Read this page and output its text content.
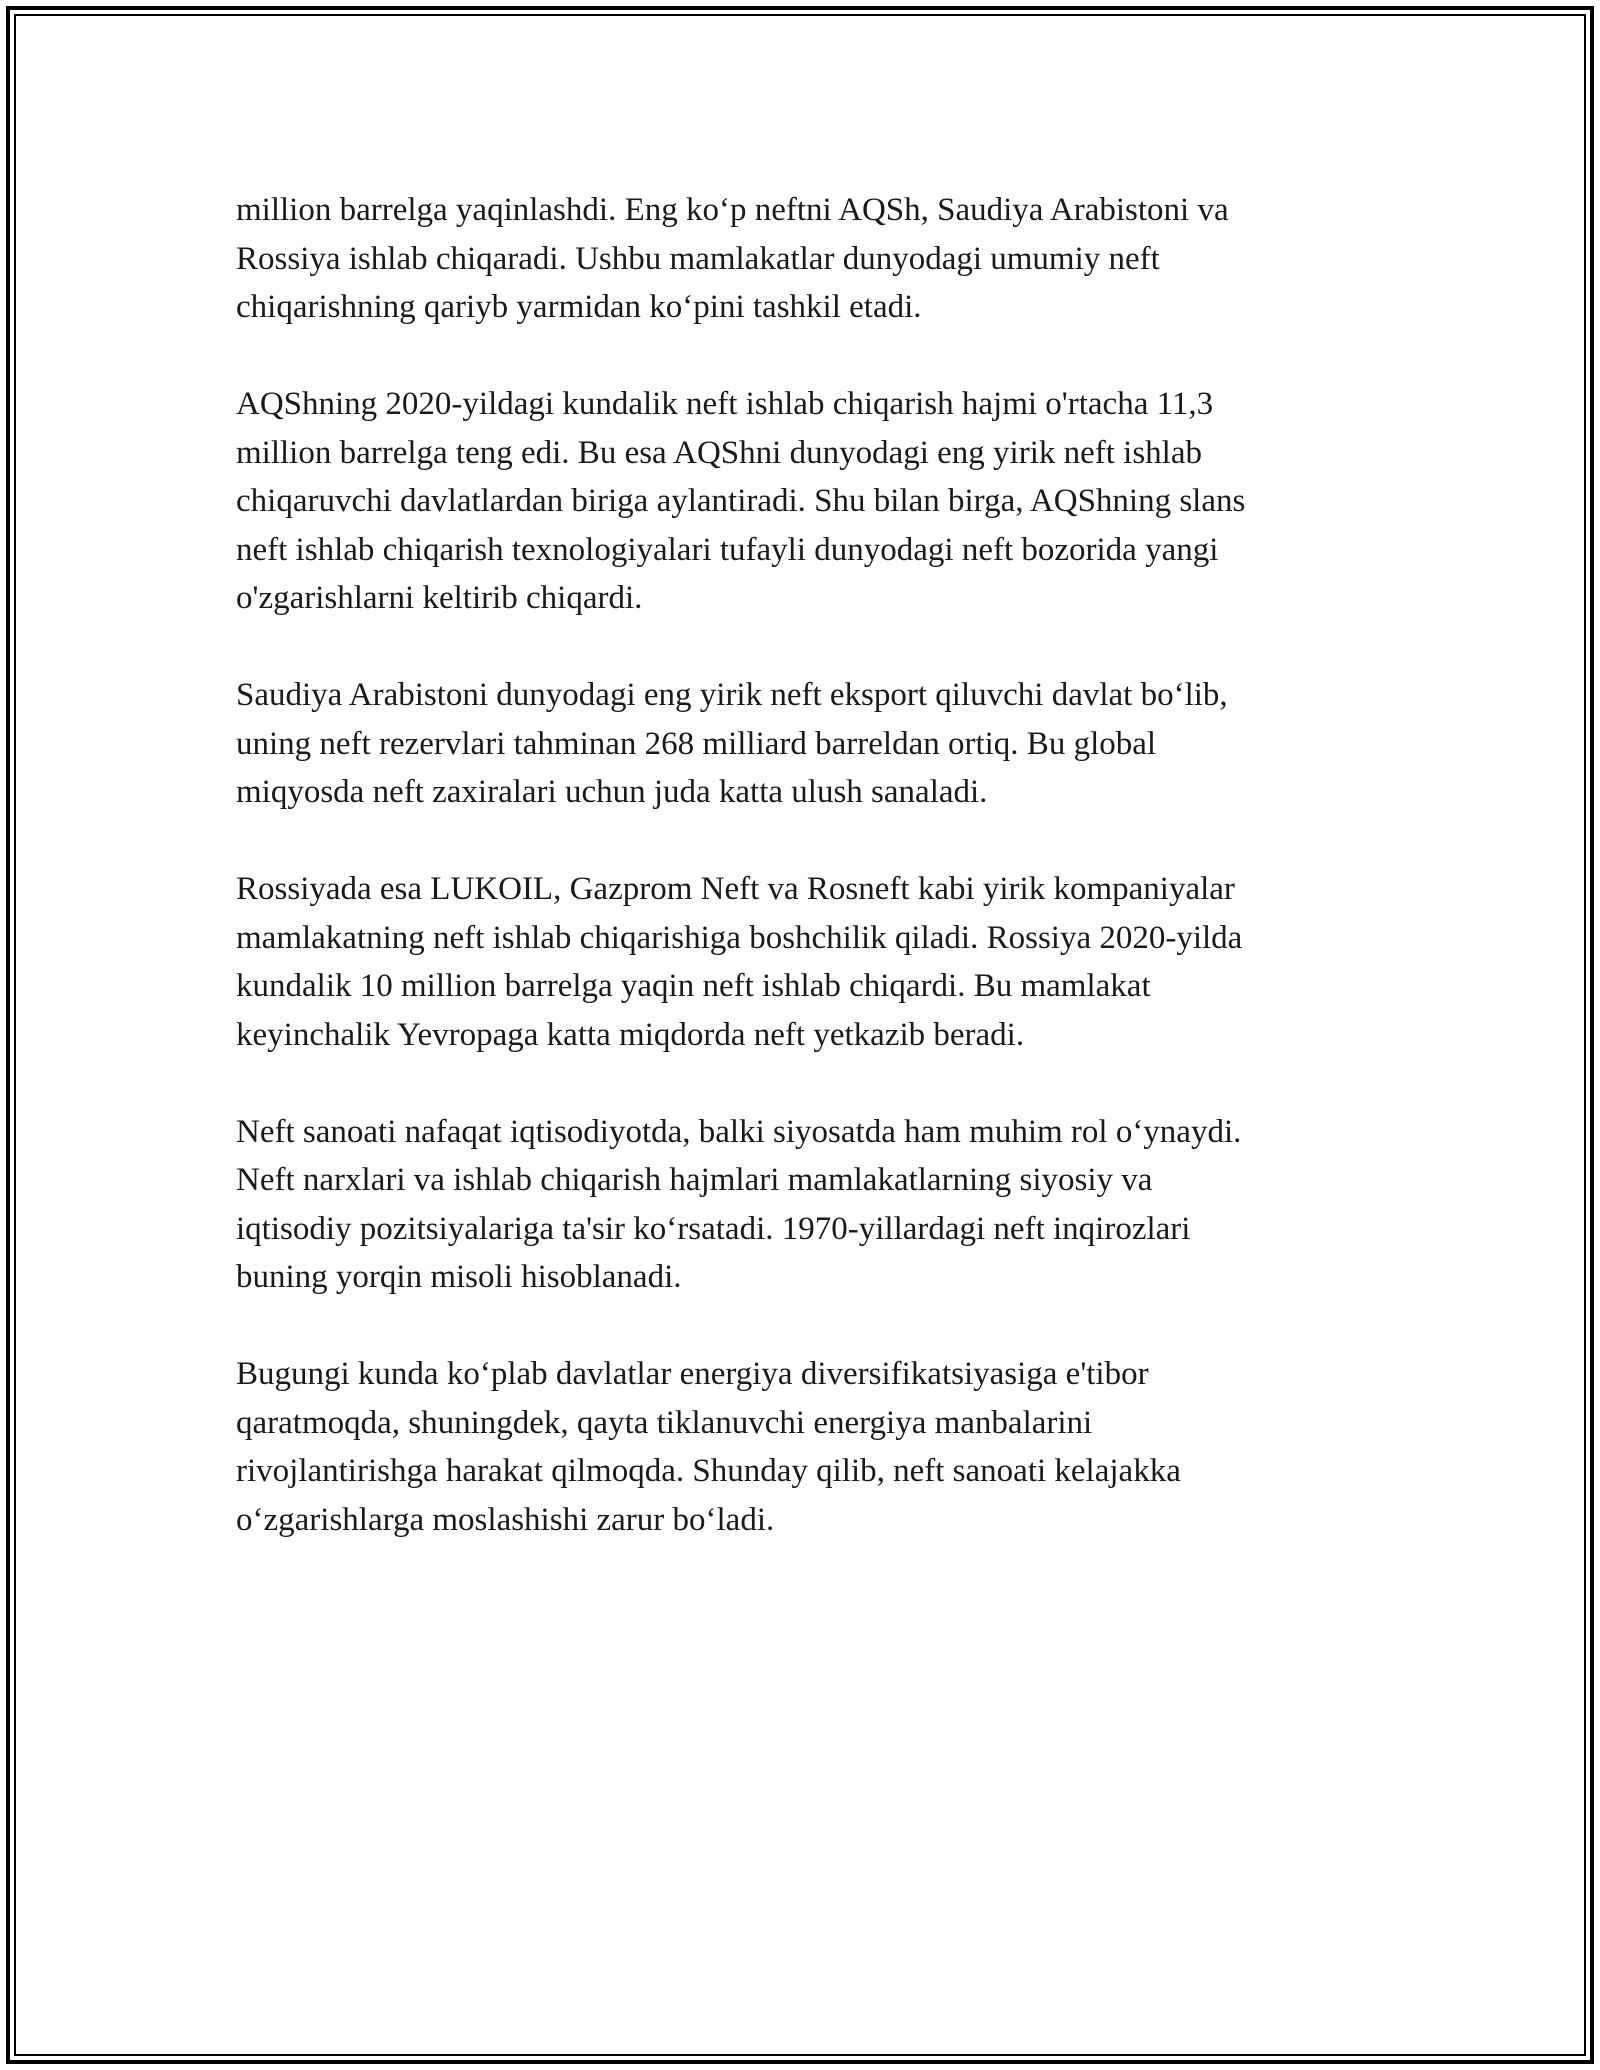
million barrelga yaqinlashdi. Eng ko‘p neftni AQSh, Saudiya Arabistoni va
Rossiya ishlab chiqaradi. Ushbu mamlakatlar dunyodagi umumiy neft
chiqarishning qariyb yarmidan ko‘pini tashkil etadi.

AQShning 2020-yildagi kundalik neft ishlab chiqarish hajmi o'rtacha 11,3
million barrelga teng edi. Bu esa AQShni dunyodagi eng yirik neft ishlab
chiqaruvchi davlatlardan biriga aylantiradi. Shu bilan birga, AQShning slans
neft ishlab chiqarish texnologiyalari tufayli dunyodagi neft bozorida yangi
o'zgarishlarni keltirib chiqardi.

Saudiya Arabistoni dunyodagi eng yirik neft eksport qiluvchi davlat bo‘lib,
uning neft rezervlari tahminan 268 milliard barreldan ortiq. Bu global
miqyosda neft zaxiralari uchun juda katta ulush sanaladi.

Rossiyada esa LUKOIL, Gazprom Neft va Rosneft kabi yirik kompaniyalar
mamlakatning neft ishlab chiqarishiga boshchilik qiladi. Rossiya 2020-yilda
kundalik 10 million barrelga yaqin neft ishlab chiqardi. Bu mamlakat
keyinchalik Yevropaga katta miqdorda neft yetkazib beradi.

Neft sanoati nafaqat iqtisodiyotda, balki siyosatda ham muhim rol o‘ynaydi.
Neft narxlari va ishlab chiqarish hajmlari mamlakatlarning siyosiy va
iqtisodiy pozitsiyalariga ta'sir ko‘rsatadi. 1970-yillardagi neft inqirozlari
buning yorqin misoli hisoblanadi.

Bugungi kunda ko‘plab davlatlar energiya diversifikatsiyasiga e'tibor
qaratmoqda, shuningdek, qayta tiklanuvchi energiya manbalarini
rivojlantirishga harakat qilmoqda. Shunday qilib, neft sanoati kelajakka
o‘zgarishlarga moslashishi zarur bo‘ladi.
